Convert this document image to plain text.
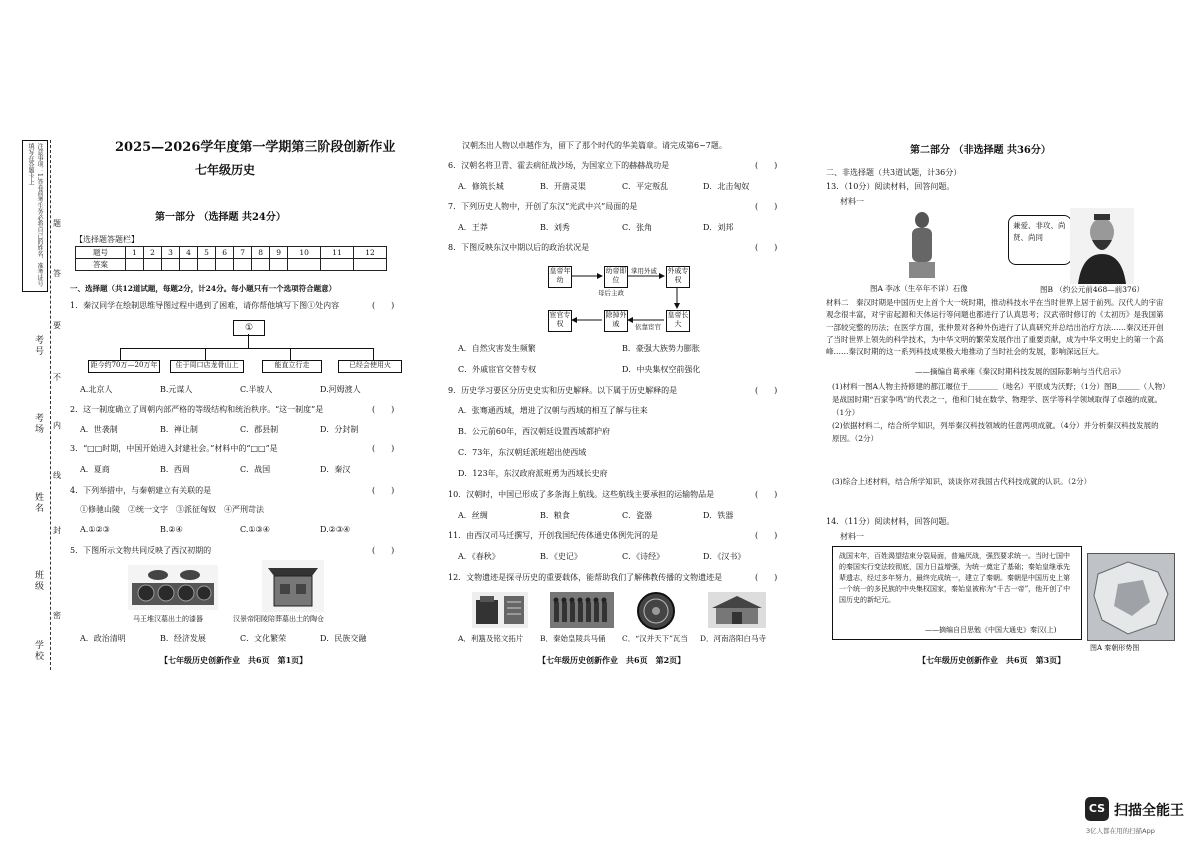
注意事项：1.答卷前考生务必将自己的姓名、准考证号填写在答题卡上
学校
班级
姓名
考场
考号
密
封
线
内
不
要
答
题
2025—2026学年度第一学期第三阶段创新作业
七年级历史
第一部分 （选择题 共24分）
【选择题答题栏】
题号	1	2	3	4	5	6	7	8	9	10	11	12
答案												
一、选择题（共12道试题，每题2分，计24分。每小题只有一个选项符合题意）
1．秦汉同学在绘制思维导图过程中遇到了困难，请你帮他填写下图①处内容	(　　)
①
距今约70万—20万年	住于周口店龙骨山上	能直立行走	已经会使用火
A.北京人	B.元谋人	C.半坡人	D.河姆渡人
2．这一制度确立了周朝内部严格的等级结构和统治秩序。“这一制度”是	(　　)
A．世袭制	B．禅让制	C．郡县制	D．分封制
3．“□□时期，中国开始进入封建社会。”材料中的“□□”是	(　　)
A．夏商	B．西周	C．战国	D．秦汉
4．下列举措中，与秦朝建立有关联的是	(　　)
①修驰山陵　②统一文字　③派征匈奴　④严刑苛法
A.①②③	B.②④	C.①③④	D.②③④
5．下图所示文物共同反映了西汉初期的	(　　)
马王堆汉墓出土的漆器	汉景帝阳陵陪葬墓出土的陶仓
A．政治清明	B．经济发展	C．文化繁荣	D．民族交融
【七年级历史创新作业　共6页　第1页】
汉朝杰出人物以卓越作为，留下了那个时代的华美篇章。请完成第6~7题。
6．汉朝名将卫青、霍去病征战沙场，为国家立下的赫赫战功是	(　　)
A．修筑长城	B．开凿灵渠	C．平定叛乱	D．北击匈奴
7．下列历史人物中，开创了东汉“光武中兴”局面的是	(　　)
A．王莽	B．刘秀	C．张角	D．刘邦
8．下图反映东汉中期以后的政治状况是	(　　)
皇帝年幼
幼帝即位
外戚专权
皇帝长大
宦官专权
除掉外戚
掌用外戚
母后主政
依靠宦官
A．自然灾害发生频繁	B．豪强大族势力膨胀
C．外戚宦官交替专权	D．中央集权空前强化
9．历史学习要区分历史史实和历史解释。以下属于历史解释的是	(　　)
A．张骞通西域，增进了汉朝与西域的相互了解与往来
B．公元前60年，西汉朝廷设置西域都护府
C．73年，东汉朝廷派班超出使西域
D．123年，东汉政府派班勇为西域长史府
10．汉朝时，中国已形成了多条海上航线。这些航线主要承担的运输物品是	(　　)
A．丝绸	B．粮食	C．瓷器	D．铁器
11．由西汉司马迁撰写，开创我国纪传体通史体例先河的是	(　　)
A．《春秋》	B．《史记》	C．《诗经》	D．《汉书》
12．文物遗迹是探寻历史的重要载体，能帮助我们了解佛教传播的文物遗迹是	(　　)
A．利簋及铭文拓片 B．秦始皇陵兵马俑 C．“汉并天下”瓦当 D．河南洛阳白马寺
【七年级历史创新作业　共6页　第2页】
第二部分 （非选择题 共36分）
二、非选择题（共3道试题，计36分）
13．（10分）阅读材料，回答问题。
材料一
兼爱、非攻、尚贤、尚同
图A 李冰（生卒年不详）石像	图B （约公元前468—前376）
材料二　秦汉时期是中国历史上首个大一统时期，推动科技水平在当时世界上居于前列。汉代人的宇宙观念很丰富，对宇宙起源和天体运行等问题也都进行了认真思考；汉武帝时修订的《太初历》是我国第一部较完整的历法；在医学方面，张仲景对各种外伤进行了认真研究并总结出治疗方法……秦汉还开创了当时世界上领先的科学技术，为中华文明的繁荣发展作出了重要贡献，成为中华文明史上的第一个高峰……秦汉时期的这一系列科技成果极大地推动了当时社会的发展，影响深远巨大。
——摘编自葛承雍《秦汉时期科技发展的国际影响与当代启示》
(1)材料一图A人物主持修建的都江堰位于＿＿＿＿（地名）平原成为沃野；（1分）图B＿＿＿（人物）是战国时期“百家争鸣”的代表之一，他和门徒在数学、物理学、医学等科学领域取得了卓越的成就。（1分）
(2)依据材料二，结合所学知识，列举秦汉科技领域的任意两项成就。（4分）并分析秦汉科技发展的原因。（2分）
(3)综合上述材料，结合所学知识，谈谈你对我国古代科技成就的认识。（2分）
14．（11分）阅读材料，回答问题。
材料一
战国末年，百姓渴望结束分裂局面，普遍厌战，强烈要求统一。当时七国中的秦国实行变法较彻底，国力日益增强，为统一奠定了基础；秦始皇继承先辈遗志，经过多年努力，最终完成统一，建立了秦朝。秦朝是中国历史上第一个统一的多民族的中央集权国家，秦始皇被称为“千古一帝”，他开创了中国历史的新纪元。
——摘编自吕思勉《中国大通史》秦汉(上)
图A 秦朝形势图
【七年级历史创新作业　共6页　第3页】
CS 扫描全能王
3亿人都在用的扫描App
